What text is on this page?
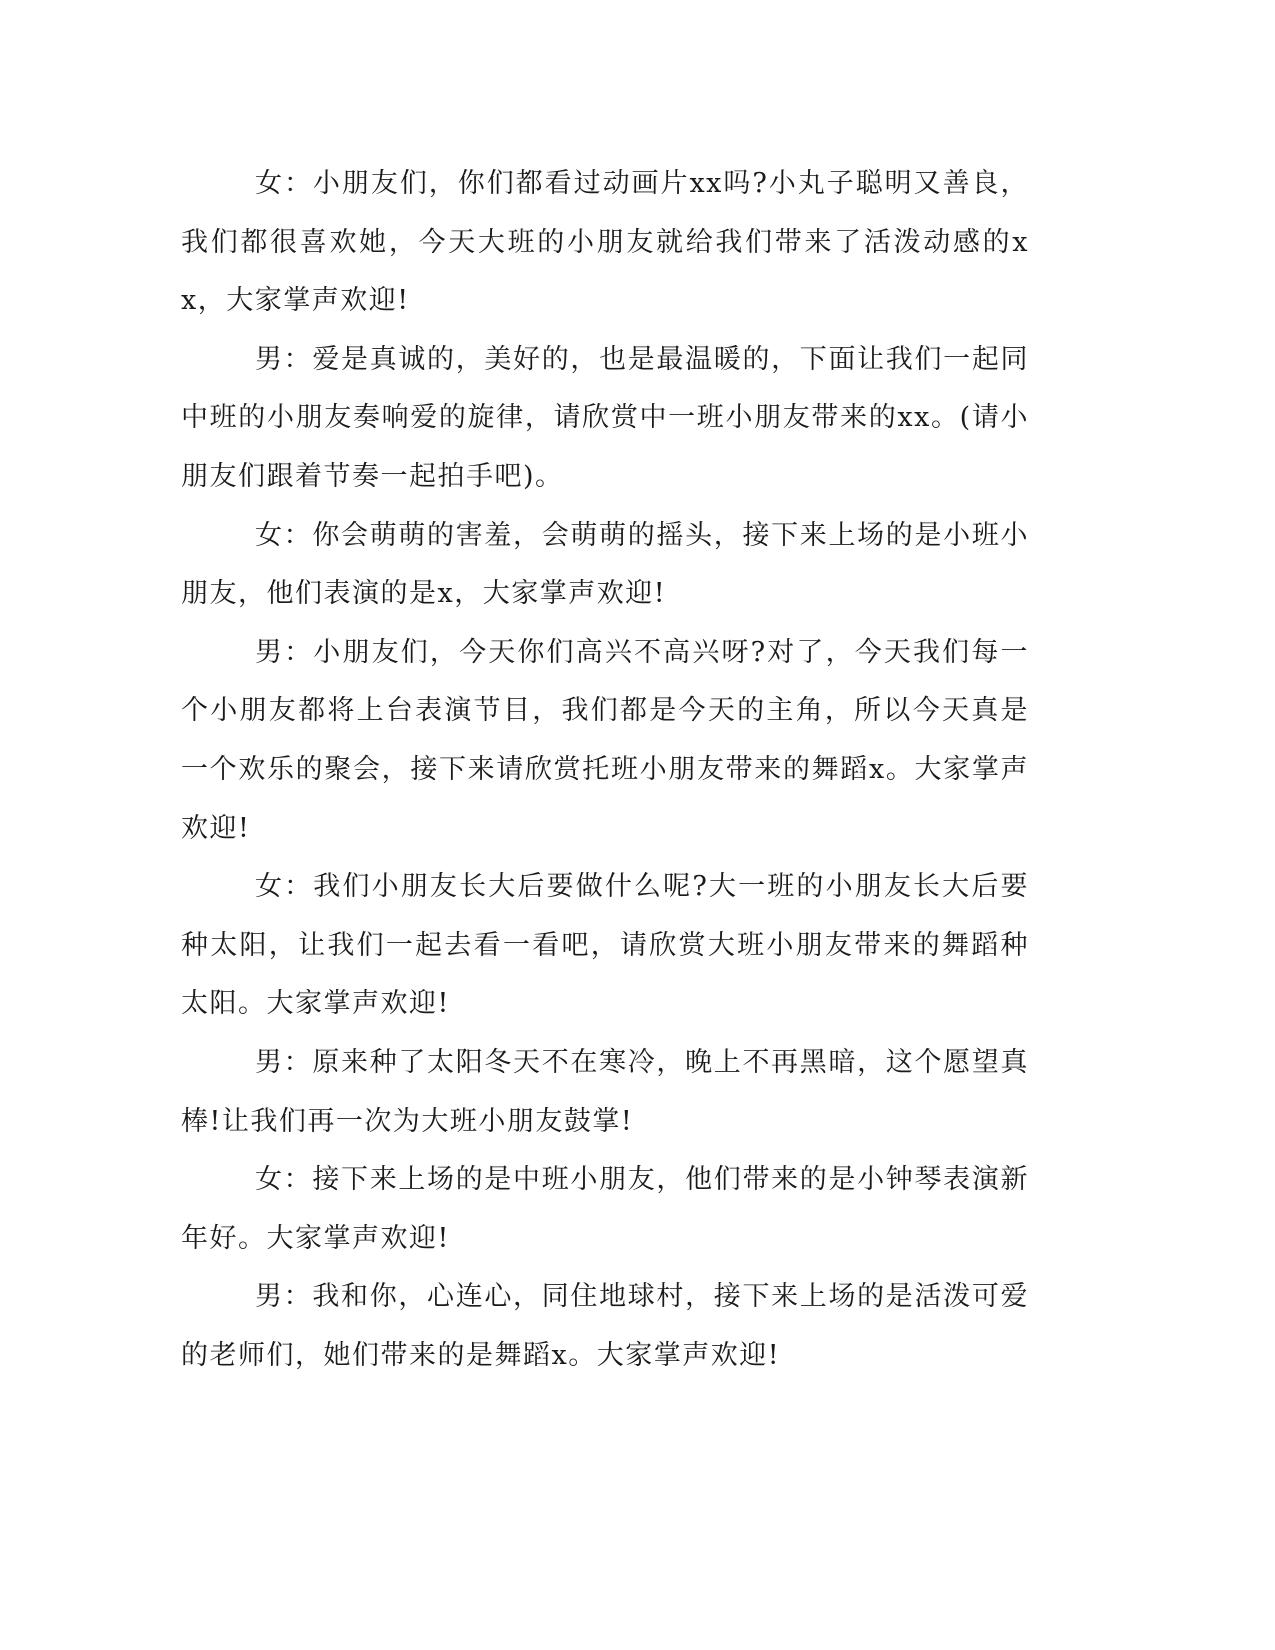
女：小朋友们，你们都看过动画片xx吗?小丸子聪明又善良，我们都很喜欢她，今天大班的小朋友就给我们带来了活泼动感的xx，大家掌声欢迎!

男：爱是真诚的，美好的，也是最温暖的，下面让我们一起同中班的小朋友奏响爱的旋律，请欣赏中一班小朋友带来的xx。(请小朋友们跟着节奏一起拍手吧)。

女：你会萌萌的害羞，会萌萌的摇头，接下来上场的是小班小朋友，他们表演的是x，大家掌声欢迎!

男：小朋友们，今天你们高兴不高兴呀?对了，今天我们每一个小朋友都将上台表演节目，我们都是今天的主角，所以今天真是一个欢乐的聚会，接下来请欣赏托班小朋友带来的舞蹈x。大家掌声欢迎!

女：我们小朋友长大后要做什么呢?大一班的小朋友长大后要种太阳，让我们一起去看一看吧，请欣赏大班小朋友带来的舞蹈种太阳。大家掌声欢迎!

男：原来种了太阳冬天不在寒冷，晚上不再黑暗，这个愿望真棒!让我们再一次为大班小朋友鼓掌!

女：接下来上场的是中班小朋友，他们带来的是小钟琴表演新年好。大家掌声欢迎!

男：我和你，心连心，同住地球村，接下来上场的是活泼可爱的老师们，她们带来的是舞蹈x。大家掌声欢迎!
